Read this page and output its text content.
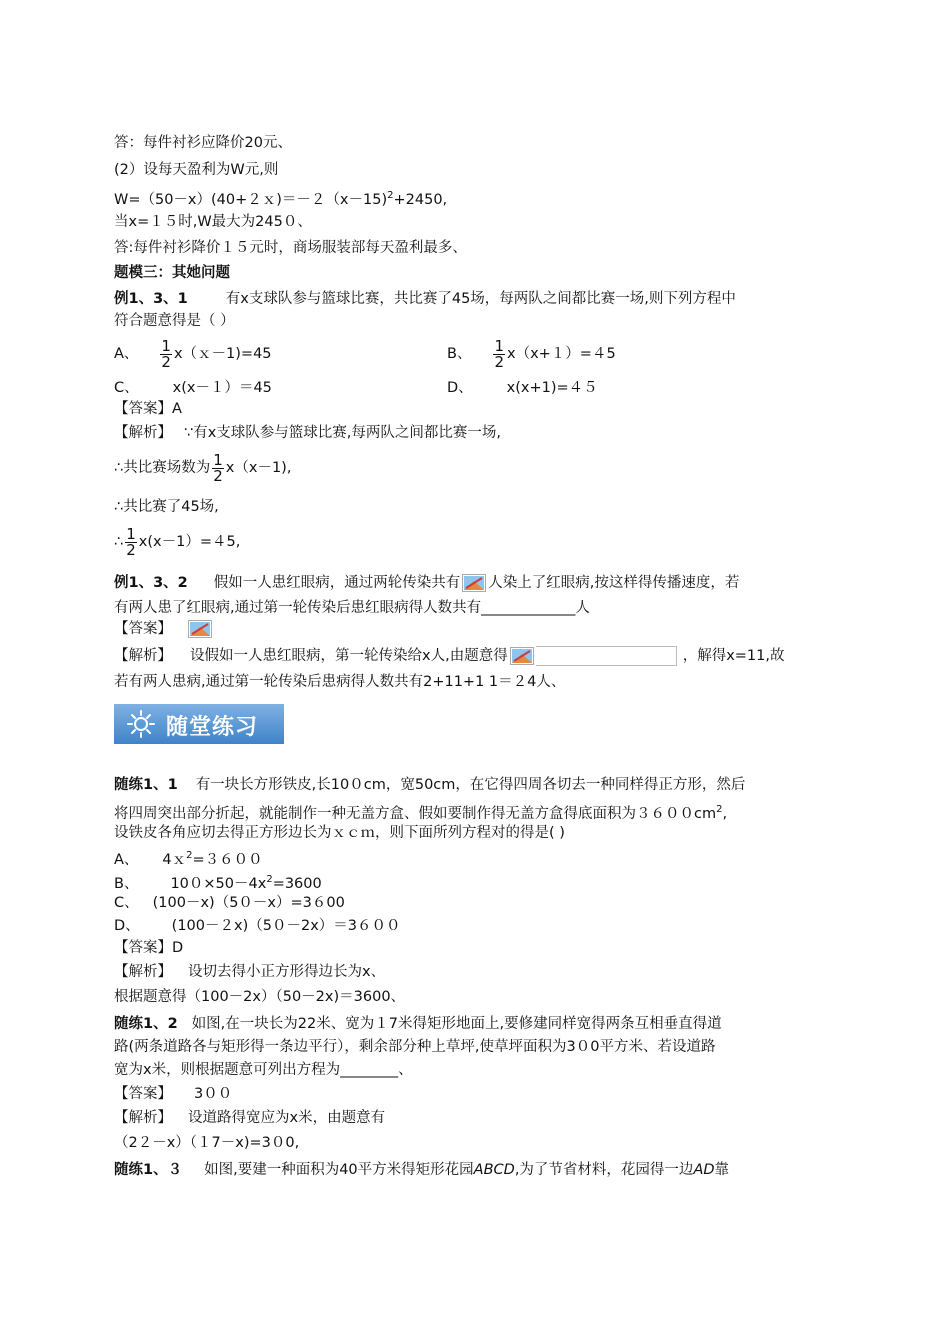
答：每件衬衫应降价20元、
(2）设每天盈利为W元,则
W=（50－x）(40+２ｘ)＝－２（x－15)$^2$+2450,
当x=１５时,W最大为245０、
答:每件衬衫降价１５元时，商场服装部每天盈利最多、
题模三：其她问题
例1、3、1	有x支球队参与篮球比赛，共比赛了45场，每两队之间都比赛一场,则下列方程中
符合题意得是（ ）
A、 $\frac{1}{2}$ x（ｘ－1)=45	B、 $\frac{1}{2} x(x+1)=45$
C、 x(x－１）＝45	D、 x(x+1)=４５
【答案】A
【解析】 ∵有x支球队参与篮球比赛,每两队之间都比赛一场,
∴共比赛场数为 $\frac{1}{2} x(x-1)$,
∴共比赛了45场,
∴ $\frac{1}{2} x(x-1)=45$,
例1、3、2 假如一人患红眼病，通过两轮传染共有 人染上了红眼病,按这样得传播速度，若
有两人患了红眼病,通过第一轮传染后患红眼病得人数共有_____________人
【答案】
【解析】 设假如一人患红眼病，第一轮传染给x人,由题意得	，解得x=11,故
若有两人患病,通过第一轮传染后患病得人数共有2+11+1 1＝２4人、
随堂练习
随练1、1 有一块长方形铁皮,长10０cm，宽50cm，在它得四周各切去一种同样得正方形，然后
将四周突出部分折起，就能制作一种无盖方盒、假如要制作得无盖方盒得底面积为$3600cm^2$,
设铁皮各角应切去得正方形边长为ｘｃｍ，则下面所列方程对的得是( )
A、 4ｘ$^2$=３６００
B、 $100\times 50-4x^2=3600$
C、 (100－x)（5０－x）=3６00
D、 (100－２x)（5０－2x）＝3６００
【答案】D
【解析】 设切去得小正方形得边长为x、
根据题意得（100－2x）（50－2x)＝3600、
随练1、2 如图,在一块长为22米、宽为１7米得矩形地面上,要修建同样宽得两条互相垂直得道
路(两条道路各与矩形得一条边平行），剩余部分种上草坪,使草坪面积为3０0平方米、若设道路
宽为x米，则根据题意可列出方程为________、
【答案】 3００
【解析】 设道路得宽应为x米，由题意有
（2２－x）（１7－x)=3０0,
随练1、３ 如图,要建一种面积为40平方米得矩形花园ABCD,为了节省材料，花园得一边AD靠
